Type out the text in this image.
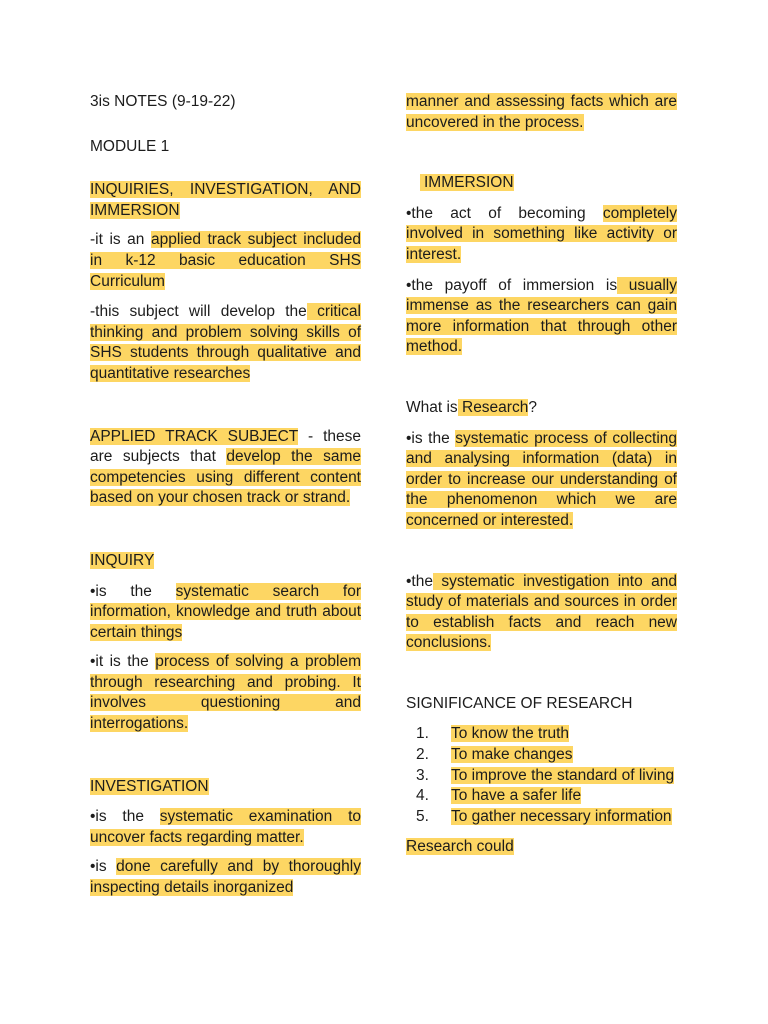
3is NOTES (9-19-22)

MODULE 1

INQUIRIES, INVESTIGATION, AND IMMERSION

-it is an applied track subject included in k-12 basic education SHS Curriculum

-this subject will develop the critical thinking and problem solving skills of SHS students through qualitative and quantitative researches

APPLIED TRACK SUBJECT - these are subjects that develop the same competencies using different content based on your chosen track or strand.

INQUIRY

•is the systematic search for information, knowledge and truth about certain things

•it is the process of solving a problem through researching and probing. It involves questioning and interrogations.

INVESTIGATION

•is the systematic examination to uncover facts regarding matter.

•is done carefully and by thoroughly inspecting details inorganized

manner and assessing facts which are uncovered in the process.

IMMERSION

•the act of becoming completely involved in something like activity or interest.

•the payoff of immersion is usually immense as the researchers can gain more information that through other method.

What is Research?

•is the systematic process of collecting and analysing information (data) in order to increase our understanding of the phenomenon which we are concerned or interested.

•the systematic investigation into and study of materials and sources in order to establish facts and reach new conclusions.

SIGNIFICANCE OF RESEARCH

1.	To know the truth
2.	To make changes
3.	To improve the standard of living
4.	To have a safer life
5.	To gather necessary information

Research could
